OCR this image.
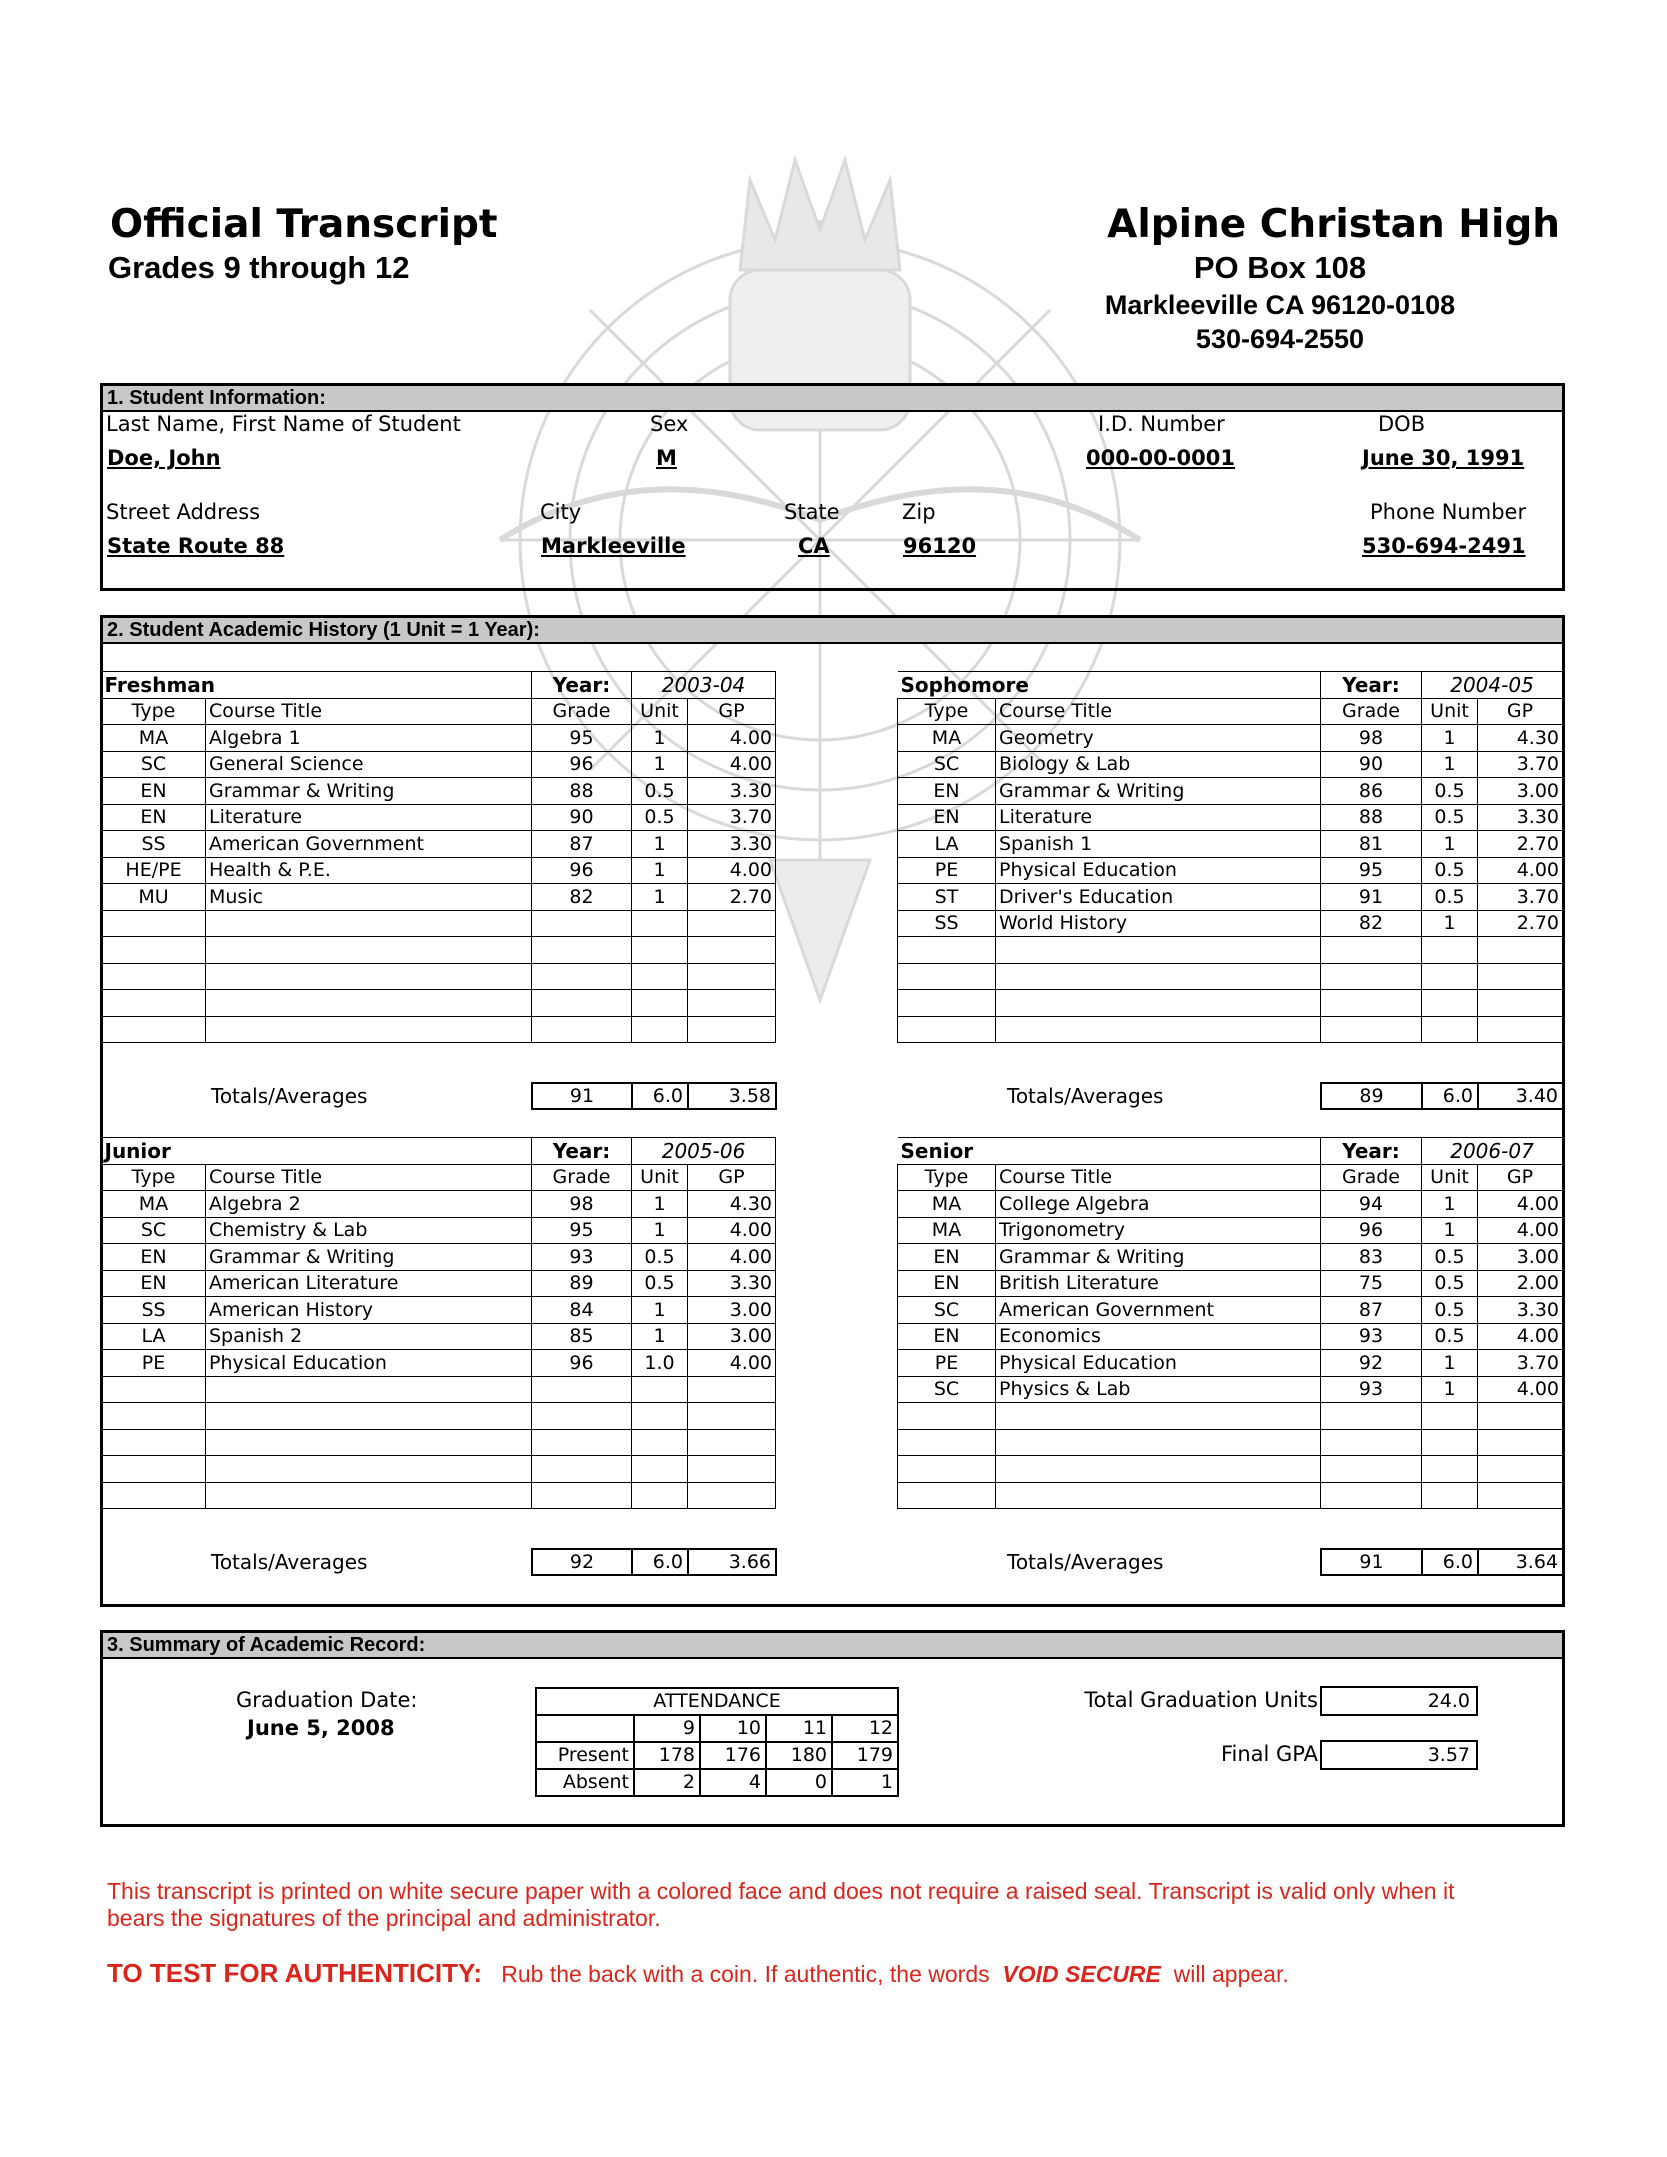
Official Transcript
Grades 9 through 12
Alpine Christan High
PO Box 108
Markleeville CA 96120-0108
530-694-2550
1. Student Information:
Last Name, First Name of Student
Doe, John
Sex
M
I.D. Number
000-00-0001
DOB
June 30, 1991
Street Address
State Route 88
City
Markleeville
State
CA
Zip
96120
Phone Number
530-694-2491
2. Student Academic History (1 Unit = 1 Year):
Freshman		Year:	2003-04	
Type	Course Title	Grade	Unit	GP
MA	Algebra 1	95	1	4.00
SC	General Science	96	1	4.00
EN	Grammar & Writing	88	0.5	3.30
EN	Literature	90	0.5	3.70
SS	American Government	87	1	3.30
HE/PE	Health & P.E.	96	1	4.00
MU	Music	82	1	2.70

Totals/Averages	91	6.0	3.58
Sophomore		Year:	2004-05	
Type	Course Title	Grade	Unit	GP
MA	Geometry	98	1	4.30
SC	Biology & Lab	90	1	3.70
EN	Grammar & Writing	86	0.5	3.00
EN	Literature	88	0.5	3.30
LA	Spanish 1	81	1	2.70
PE	Physical Education	95	0.5	4.00
ST	Driver's Education	91	0.5	3.70
SS	World History	82	1	2.70

Totals/Averages	89	6.0	3.40
Junior		Year:	2005-06	
Type	Course Title	Grade	Unit	GP
MA	Algebra 2	98	1	4.30
SC	Chemistry & Lab	95	1	4.00
EN	Grammar & Writing	93	0.5	4.00
EN	American Literature	89	0.5	3.30
SS	American History	84	1	3.00
LA	Spanish 2	85	1	3.00
PE	Physical Education	96	1.0	4.00

Totals/Averages	92	6.0	3.66
Senior		Year:	2006-07	
Type	Course Title	Grade	Unit	GP
MA	College Algebra	94	1	4.00
MA	Trigonometry	96	1	4.00
EN	Grammar & Writing	83	0.5	3.00
EN	British Literature	75	0.5	2.00
SC	American Government	87	0.5	3.30
EN	Economics	93	0.5	4.00
PE	Physical Education	92	1	3.70
SC	Physics & Lab	93	1	4.00

Totals/Averages	91	6.0	3.64
3. Summary of Academic Record:
Graduation Date:
June 5, 2008
ATTENDANCE				
	9	10	11	12
Present	178	176	180	179
Absent	2	4	0	1
Total Graduation Units	24.0
Final GPA	3.57
This transcript is printed on white secure paper with a colored face and does not require a raised seal. Transcript is valid only when it bears the signatures of the principal and administrator.
TO TEST FOR AUTHENTICITY: Rub the back with a coin. If authentic, the words VOID SECURE will appear.
